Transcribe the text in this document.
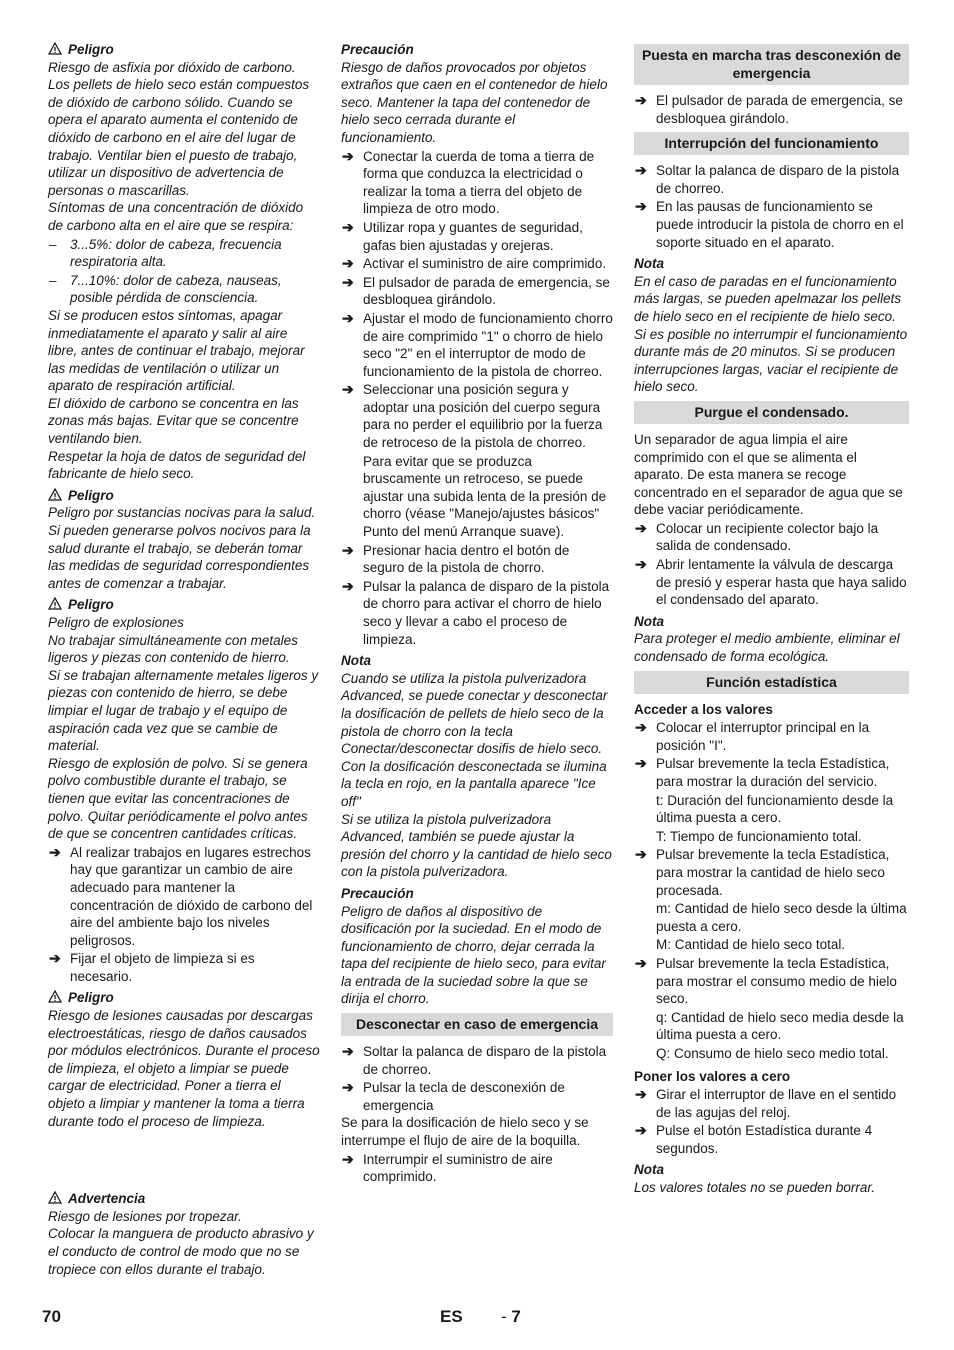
Peligro

Riesgo de asfixia por dióxido de carbono. Los pellets de hielo seco están compuestos de dióxido de carbono sólido. Cuando se opera el aparato aumenta el contenido de dióxido de carbono en el aire del lugar de trabajo. Ventilar bien el puesto de trabajo, utilizar un dispositivo de advertencia de personas o mascarillas.

Síntomas de una concentración de dióxido de carbono alta en el aire que se respira:

– 3...5%: dolor de cabeza, frecuencia respiratoria alta.
– 7...10%: dolor de cabeza, nauseas, posible pérdida de consciencia.

Si se producen estos síntomas, apagar inmediatamente el aparato y salir al aire libre, antes de continuar el trabajo, mejorar las medidas de ventilación o utilizar un aparato de respiración artificial.

El dióxido de carbono se concentra en las zonas más bajas. Evitar que se concentre ventilando bien.

Respetar la hoja de datos de seguridad del fabricante de hielo seco.

Peligro

Peligro por sustancias nocivas para la salud. Si pueden generarse polvos nocivos para la salud durante el trabajo, se deberán tomar las medidas de seguridad correspondientes antes de comenzar a trabajar.

Peligro

Peligro de explosiones

No trabajar simultáneamente con metales ligeros y piezas con contenido de hierro.

Si se trabajan alternamente metales ligeros y piezas con contenido de hierro, se debe limpiar el lugar de trabajo y el equipo de aspiración cada vez que se cambie de material.

Riesgo de explosión de polvo. Si se genera polvo combustible durante el trabajo, se tienen que evitar las concentraciones de polvo. Quitar periódicamente el polvo antes de que se concentren cantidades críticas.

➔ Al realizar trabajos en lugares estrechos hay que garantizar un cambio de aire adecuado para mantener la concentración de dióxido de carbono del aire del ambiente bajo los niveles peligrosos.
➔ Fijar el objeto de limpieza si es necesario.
Peligro

Riesgo de lesiones causadas por descargas electroestáticas, riesgo de daños causados por módulos electrónicos. Durante el proceso de limpieza, el objeto a limpiar se puede cargar de electricidad. Poner a tierra el objeto a limpiar y mantener la toma a tierra durante todo el proceso de limpieza.

Advertencia

Riesgo de lesiones por tropezar.

Colocar la manguera de producto abrasivo y el conducto de control de modo que no se tropiece con ellos durante el trabajo.

Precaución

Riesgo de daños provocados por objetos extraños que caen en el contenedor de hielo seco. Mantener la tapa del contenedor de hielo seco cerrada durante el funcionamiento.

➔ Conectar la cuerda de toma a tierra de forma que conduzca la electricidad o realizar la toma a tierra del objeto de limpieza de otro modo.
➔ Utilizar ropa y guantes de seguridad, gafas bien ajustadas y orejeras.
➔ Activar el suministro de aire comprimido.
➔ El pulsador de parada de emergencia, se desbloquea girándolo.
➔ Ajustar el modo de funcionamiento chorro de aire comprimido "1" o chorro de hielo seco "2" en el interruptor de modo de funcionamiento de la pistola de chorreo.
➔ Seleccionar una posición segura y adoptar una posición del cuerpo segura para no perder el equilibrio por la fuerza de retroceso de la pistola de chorreo.

Para evitar que se produzca bruscamente un retroceso, se puede ajustar una subida lenta de la presión de chorro (véase "Manejo/ajustes básicos" Punto del menú Arranque suave).

➔ Presionar hacia dentro el botón de seguro de la pistola de chorro.
➔ Pulsar la palanca de disparo de la pistola de chorro para activar el chorro de hielo seco y llevar a cabo el proceso de limpieza.
Nota

Cuando se utiliza la pistola pulverizadora Advanced, se puede conectar y desconectar la dosificación de pellets de hielo seco de la pistola de chorro con la tecla Conectar/desconectar dosifis de hielo seco. Con la dosificación desconectada se ilumina la tecla en rojo, en la pantalla aparece "Ice off"

Si se utiliza la pistola pulverizadora Advanced, también se puede ajustar la presión del chorro y la cantidad de hielo seco con la pistola pulverizadora.

Precaución

Peligro de daños al dispositivo de dosificación por la suciedad. En el modo de funcionamiento de chorro, dejar cerrada la tapa del recipiente de hielo seco, para evitar la entrada de la suciedad sobre la que se dirija el chorro.

Desconectar en caso de emergencia
➔ Soltar la palanca de disparo de la pistola de chorreo.
➔ Pulsar la tecla de desconexión de emergencia

Se para la dosificación de hielo seco y se interrumpe el flujo de aire de la boquilla.

➔ Interrumpir el suministro de aire comprimido.
Puesta en marcha tras desconexión de emergencia
➔ El pulsador de parada de emergencia, se desbloquea girándolo.
Interrupción del funcionamiento
➔ Soltar la palanca de disparo de la pistola de chorreo.
➔ En las pausas de funcionamiento se puede introducir la pistola de chorro en el soporte situado en el aparato.
Nota

En el caso de paradas en el funcionamiento más largas, se pueden apelmazar los pellets de hielo seco en el recipiente de hielo seco. Si es posible no interrumpir el funcionamiento durante más de 20 minutos. Si se producen interrupciones largas, vaciar el recipiente de hielo seco.

Purgue el condensado.

Un separador de agua limpia el aire comprimido con el que se alimenta el aparato. De esta manera se recoge concentrado en el separador de agua que se debe vaciar periódicamente.

➔ Colocar un recipiente colector bajo la salida de condensado.
➔ Abrir lentamente la válvula de descarga de presió y esperar hasta que haya salido el condensado del aparato.
Nota

Para proteger el medio ambiente, eliminar el condensado de forma ecológica.

Función estadística
Acceder a los valores
➔ Colocar el interruptor principal en la posición "I".
➔ Pulsar brevemente la tecla Estadística, para mostrar la duración del servicio.

t: Duración del funcionamiento desde la última puesta a cero.

T: Tiempo de funcionamiento total.

➔ Pulsar brevemente la tecla Estadística, para mostrar la cantidad de hielo seco procesada.

m: Cantidad de hielo seco desde la última puesta a cero.

M: Cantidad de hielo seco total.

➔ Pulsar brevemente la tecla Estadística, para mostrar el consumo medio de hielo seco.

q: Cantidad de hielo seco media desde la última puesta a cero.

Q: Consumo de hielo seco medio total.

Poner los valores a cero
➔ Girar el interruptor de llave en el sentido de las agujas del reloj.
➔ Pulse el botón Estadística durante 4 segundos.
Nota

Los valores totales no se pueden borrar.

70	ES - 7
